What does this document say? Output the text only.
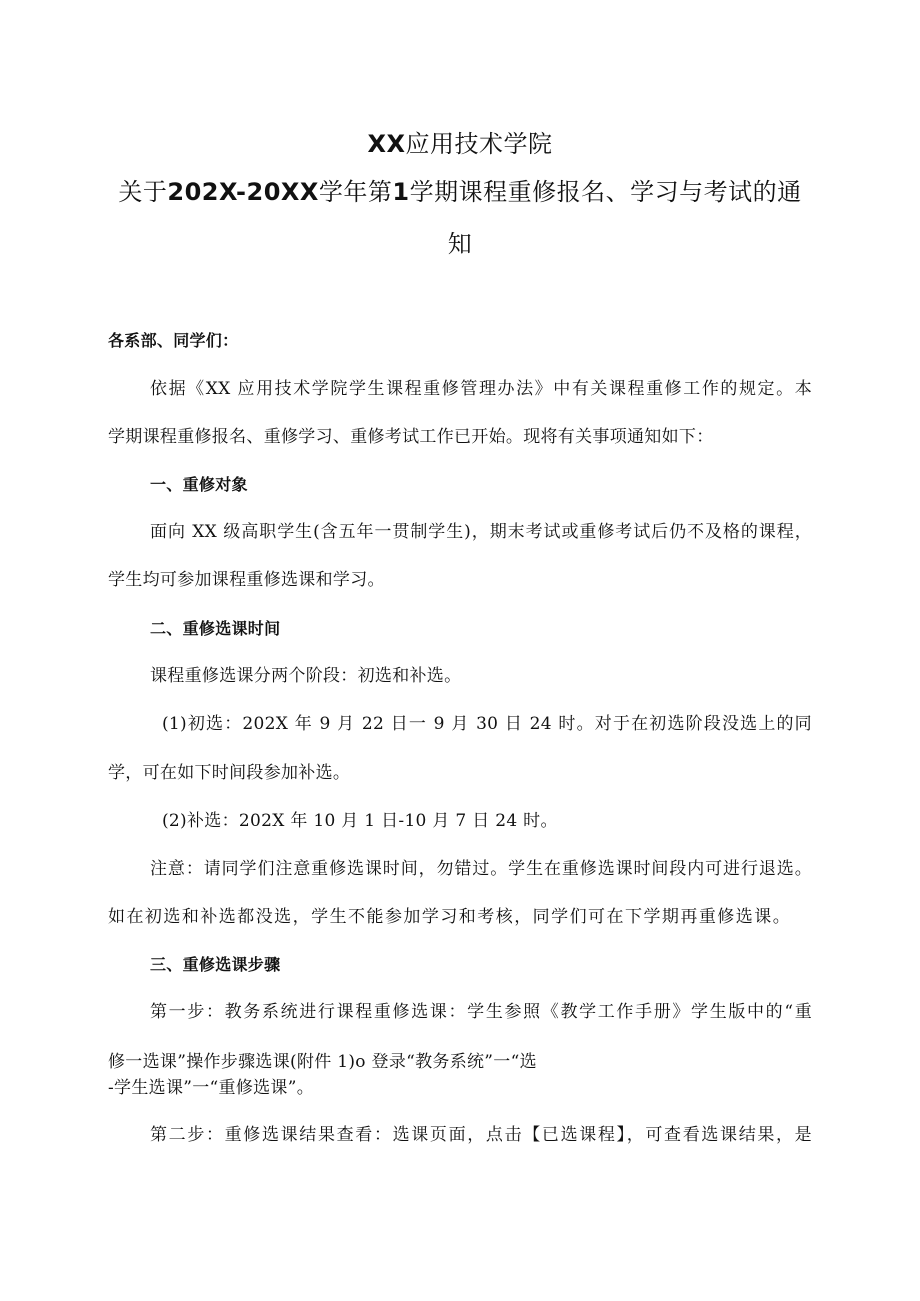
XX应用技术学院
关于202X-20XX学年第1学期课程重修报名、学习与考试的通
知
各系部、同学们：
依据《XX 应用技术学院学生课程重修管理办法》中有关课程重修工作的规定。本
学期课程重修报名、重修学习、重修考试工作已开始。现将有关事项通知如下：
一、重修对象
面向 XX 级高职学生(含五年一贯制学生)，期末考试或重修考试后仍不及格的课程，
学生均可参加课程重修选课和学习。
二、重修选课时间
课程重修选课分两个阶段：初选和补选。
(1)初选：202X 年 9 月 22 日一 9 月 30 日 24 时。对于在初选阶段没选上的同
学，可在如下时间段参加补选。
(2)补选：202X 年 10 月 1 日-10 月 7 日 24 时。
注意：请同学们注意重修选课时间，勿错过。学生在重修选课时间段内可进行退选。
如在初选和补选都没选，学生不能参加学习和考核，同学们可在下学期再重修选课。
三、重修选课步骤
第一步：教务系统进行课程重修选课：学生参照《教学工作手册》学生版中的“重
修一选课”操作步骤选课(附件 1)o 登录“教务系统”一“选
-学生选课”一“重修选课”。
第二步：重修选课结果查看：选课页面，点击【已选课程】，可查看选课结果，是
